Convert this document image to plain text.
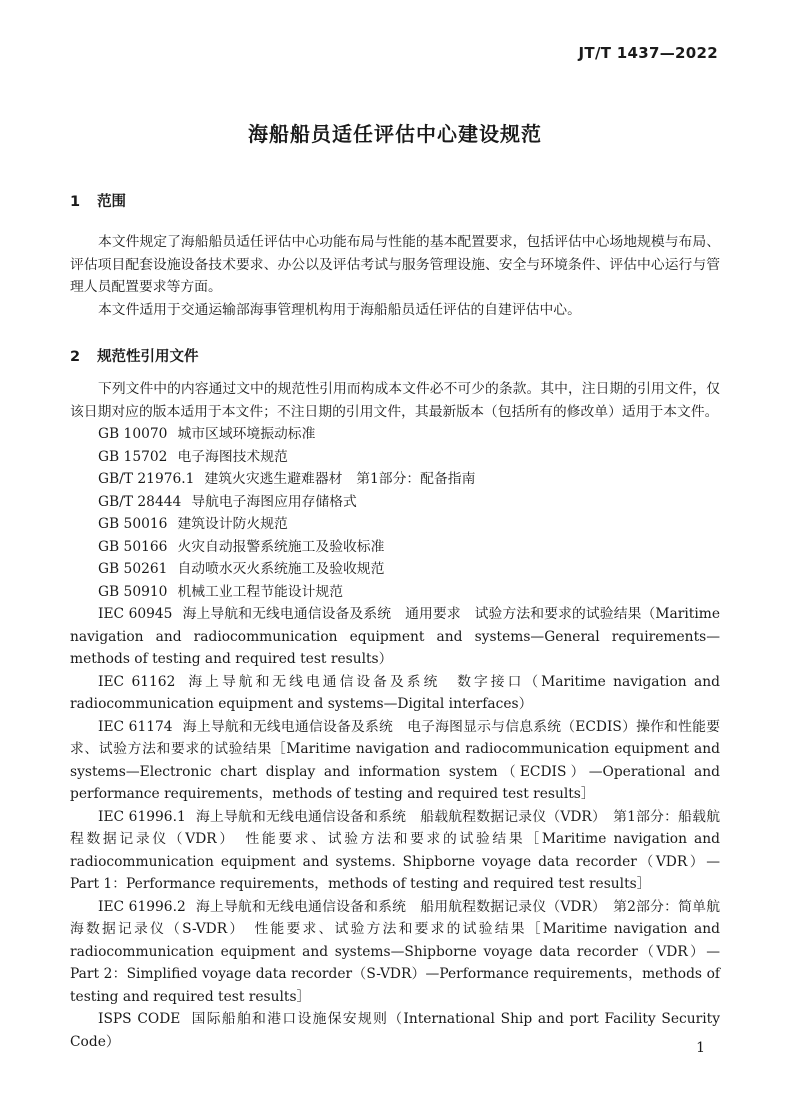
JT/T 1437—2022
海船船员适任评估中心建设规范
1 范围

本文件规定了海船船员适任评估中心功能布局与性能的基本配置要求，包括评估中心场地规模与布局、评估项目配套设施设备技术要求、办公以及评估考试与服务管理设施、安全与环境条件、评估中心运行与管理人员配置要求等方面。

本文件适用于交通运输部海事管理机构用于海船船员适任评估的自建评估中心。

2 规范性引用文件

下列文件中的内容通过文中的规范性引用而构成本文件必不可少的条款。其中，注日期的引用文件，仅该日期对应的版本适用于本文件；不注日期的引用文件，其最新版本（包括所有的修改单）适用于本文件。

GB 10070 城市区域环境振动标准

GB 15702 电子海图技术规范

GB/T 21976.1 建筑火灾逃生避难器材　第1部分：配备指南

GB/T 28444 导航电子海图应用存储格式

GB 50016 建筑设计防火规范

GB 50166 火灾自动报警系统施工及验收标准

GB 50261 自动喷水灭火系统施工及验收规范

GB 50910 机械工业工程节能设计规范

IEC 60945 海上导航和无线电通信设备及系统　通用要求　试验方法和要求的试验结果（Maritime navigation and radiocommunication equipment and systems—General requirements—methods of testing and required test results）

IEC 61162 海上导航和无线电通信设备及系统　数字接口（Maritime navigation and radiocommunication equipment and systems—Digital interfaces）

IEC 61174 海上导航和无线电通信设备及系统　电子海图显示与信息系统（ECDIS）操作和性能要求、试验方法和要求的试验结果［Maritime navigation and radiocommunication equipment and systems—Electronic chart display and information system（ECDIS）—Operational and performance requirements，methods of testing and required test results］

IEC 61996.1 海上导航和无线电通信设备和系统　船载航程数据记录仪（VDR）　第1部分：船载航程数据记录仪（VDR）　性能要求、试验方法和要求的试验结果［Maritime navigation and radiocommunication equipment and systems. Shipborne voyage data recorder（VDR）—Part 1：Performance requirements，methods of testing and required test results］

IEC 61996.2 海上导航和无线电通信设备和系统　船用航程数据记录仪（VDR）　第2部分：简单航海数据记录仪（S-VDR）　性能要求、试验方法和要求的试验结果［Maritime navigation and radiocommunication equipment and systems—Shipborne voyage data recorder（VDR）—Part 2：Simplified voyage data recorder（S-VDR）—Performance requirements，methods of testing and required test results］

ISPS CODE 国际船舶和港口设施保安规则（International Ship and port Facility Security Code）	1
